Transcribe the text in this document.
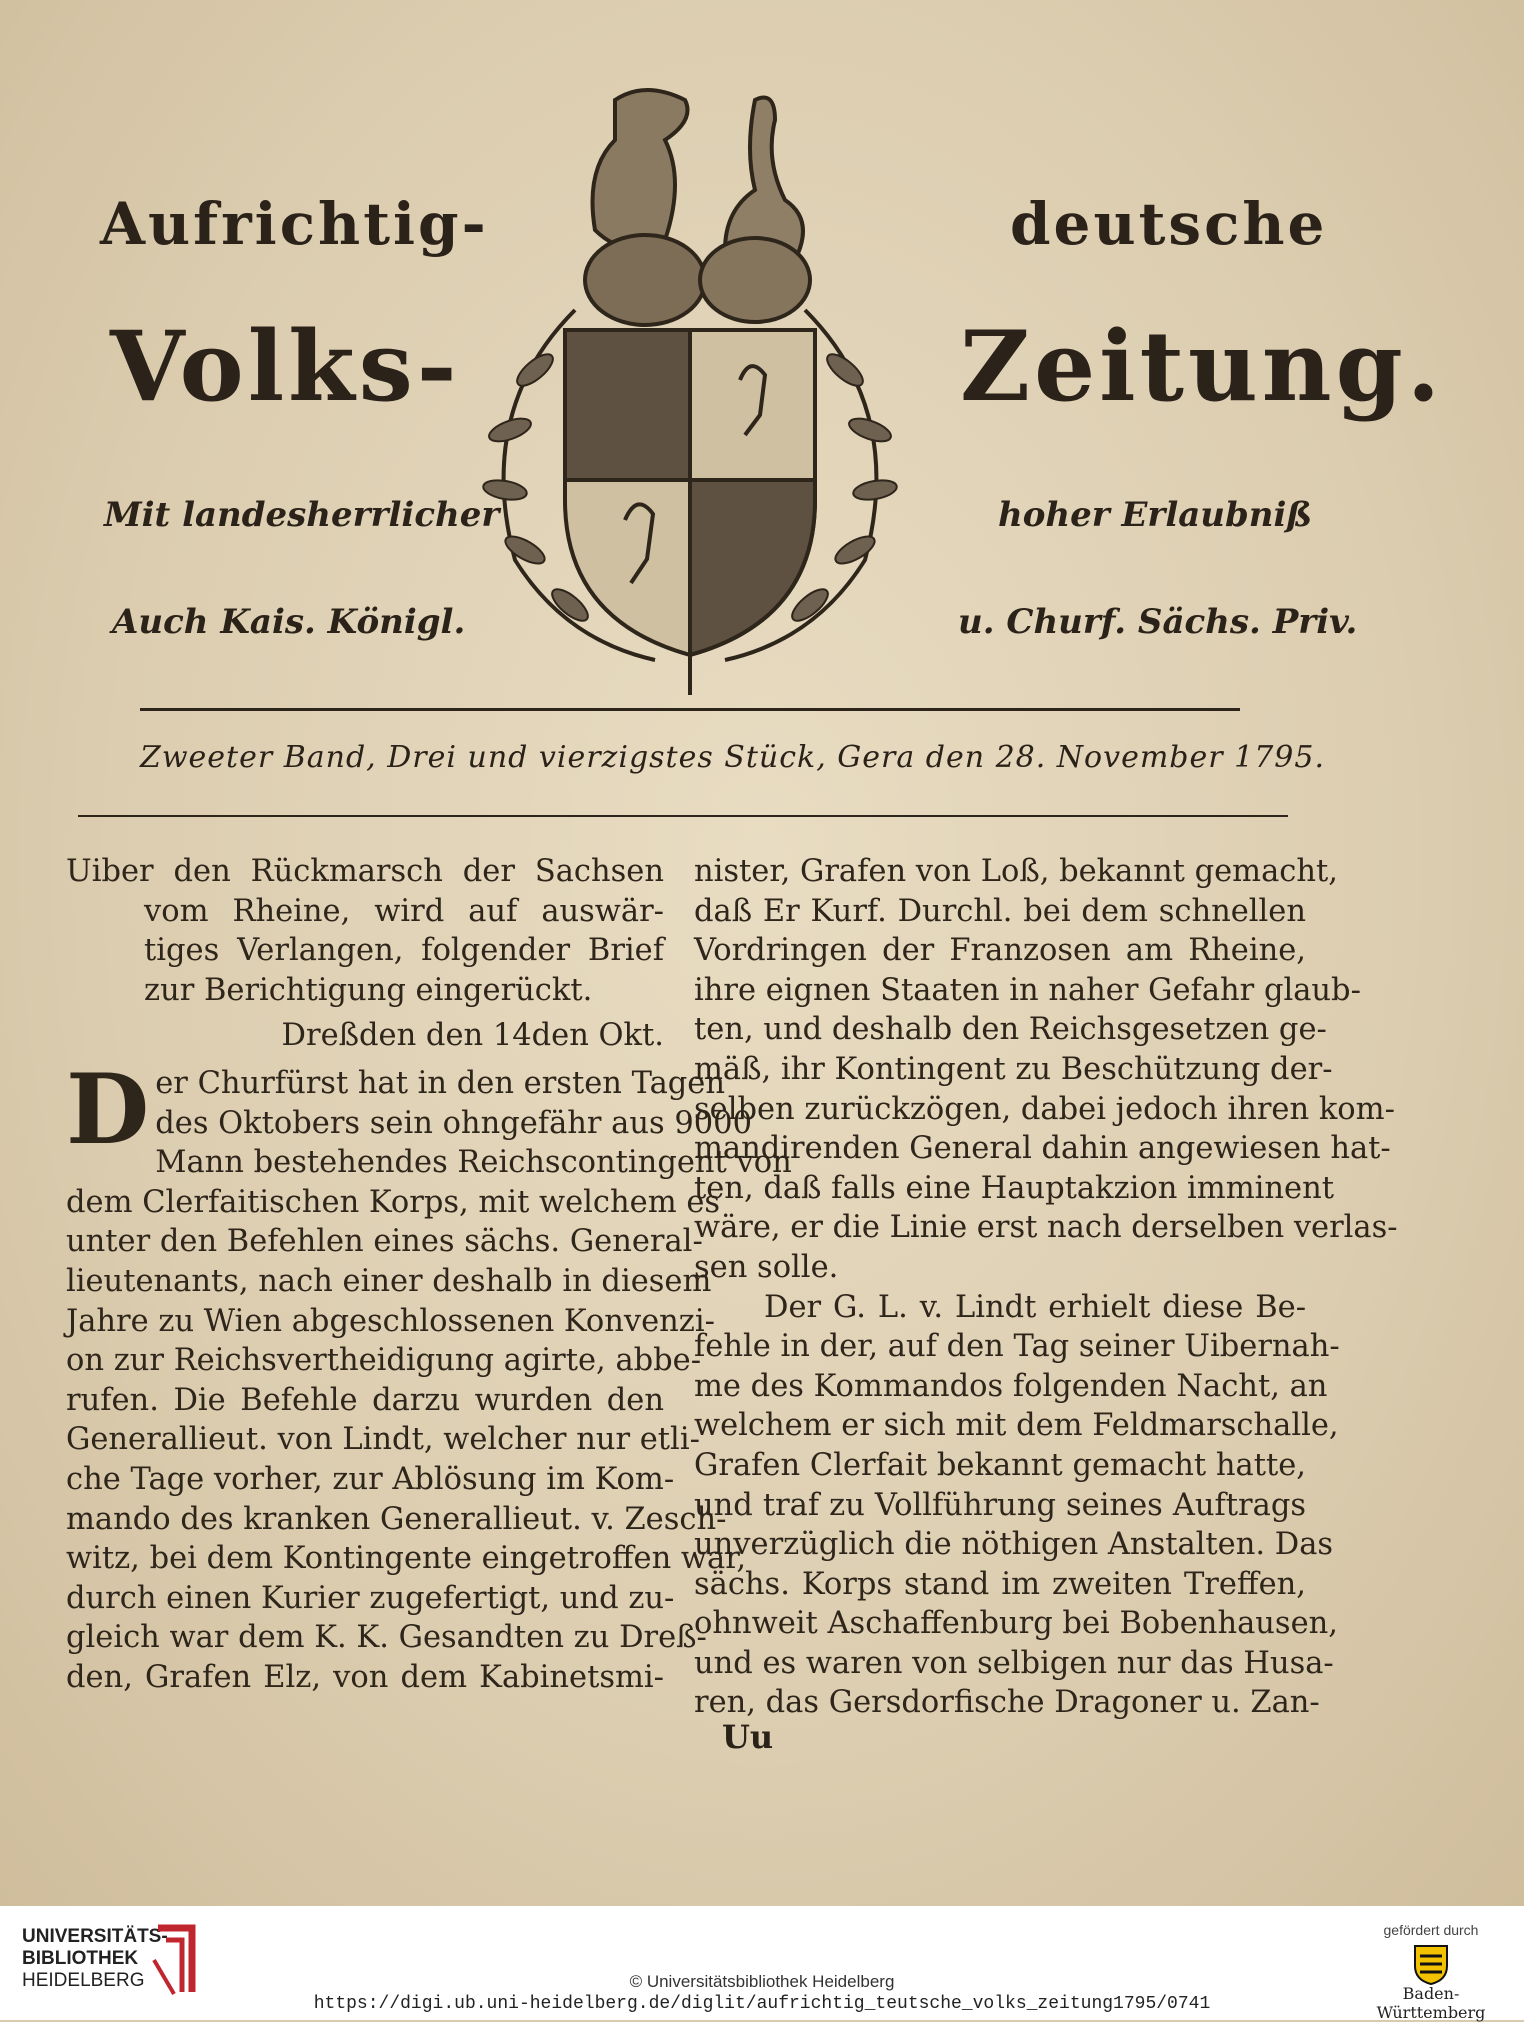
Aufrichtig-	deutsche
Volks-	Zeitung.
Mit landesherrlicher	hoher Erlaubniß
Auch Kais. Königl.	u. Churf. Sächs. Priv.
Zweeter Band, Drei und vierzigstes Stück, Gera den 28. November 1795.
Uiber den Rückmarsch der Sachsen
vom Rheine, wird auf auswär-
tiges Verlangen, folgender Brief
zur Berichtigung eingerückt.
Dreßden den 14den Okt.
D er Churfürst hat in den ersten Tagen
des Oktobers sein ohngefähr aus 9000
Mann bestehendes Reichscontingent von
dem Clerfaitischen Korps, mit welchem es
unter den Befehlen eines sächs. General-
lieutenants, nach einer deshalb in diesem
Jahre zu Wien abgeschlossenen Konvenzi-
on zur Reichsvertheidigung agirte, abbe-
rufen. Die Befehle darzu wurden den
Generallieut. von Lindt, welcher nur etli-
che Tage vorher, zur Ablösung im Kom-
mando des kranken Generallieut. v. Zesch-
witz, bei dem Kontingente eingetroffen war,
durch einen Kurier zugefertigt, und zu-
gleich war dem K. K. Gesandten zu Dreß-
den, Grafen Elz, von dem Kabinetsmi-
nister, Grafen von Loß, bekannt gemacht,
daß Er Kurf. Durchl. bei dem schnellen
Vordringen der Franzosen am Rheine,
ihre eignen Staaten in naher Gefahr glaub-
ten, und deshalb den Reichsgesetzen ge-
mäß, ihr Kontingent zu Beschützung der-
selben zurückzögen, dabei jedoch ihren kom-
mandirenden General dahin angewiesen hat-
ten, daß falls eine Hauptakzion imminent
wäre, er die Linie erst nach derselben verlas-
sen solle.
Der G. L. v. Lindt erhielt diese Be-
fehle in der, auf den Tag seiner Uibernah-
me des Kommandos folgenden Nacht, an
welchem er sich mit dem Feldmarschalle,
Grafen Clerfait bekannt gemacht hatte,
und traf zu Vollführung seines Auftrags
unverzüglich die nöthigen Anstalten. Das
sächs. Korps stand im zweiten Treffen,
ohnweit Aschaffenburg bei Bobenhausen,
und es waren von selbigen nur das Husa-
ren, das Gersdorfische Dragoner u. Zan-
Uu
UNIVERSITÄTS-
BIBLIOTHEK
HEIDELBERG	© Universitätsbibliothek Heidelberg
https://digi.ub.uni-heidelberg.de/diglit/aufrichtig_teutsche_volks_zeitung1795/0741
gefördert durch
Baden-Württemberg
